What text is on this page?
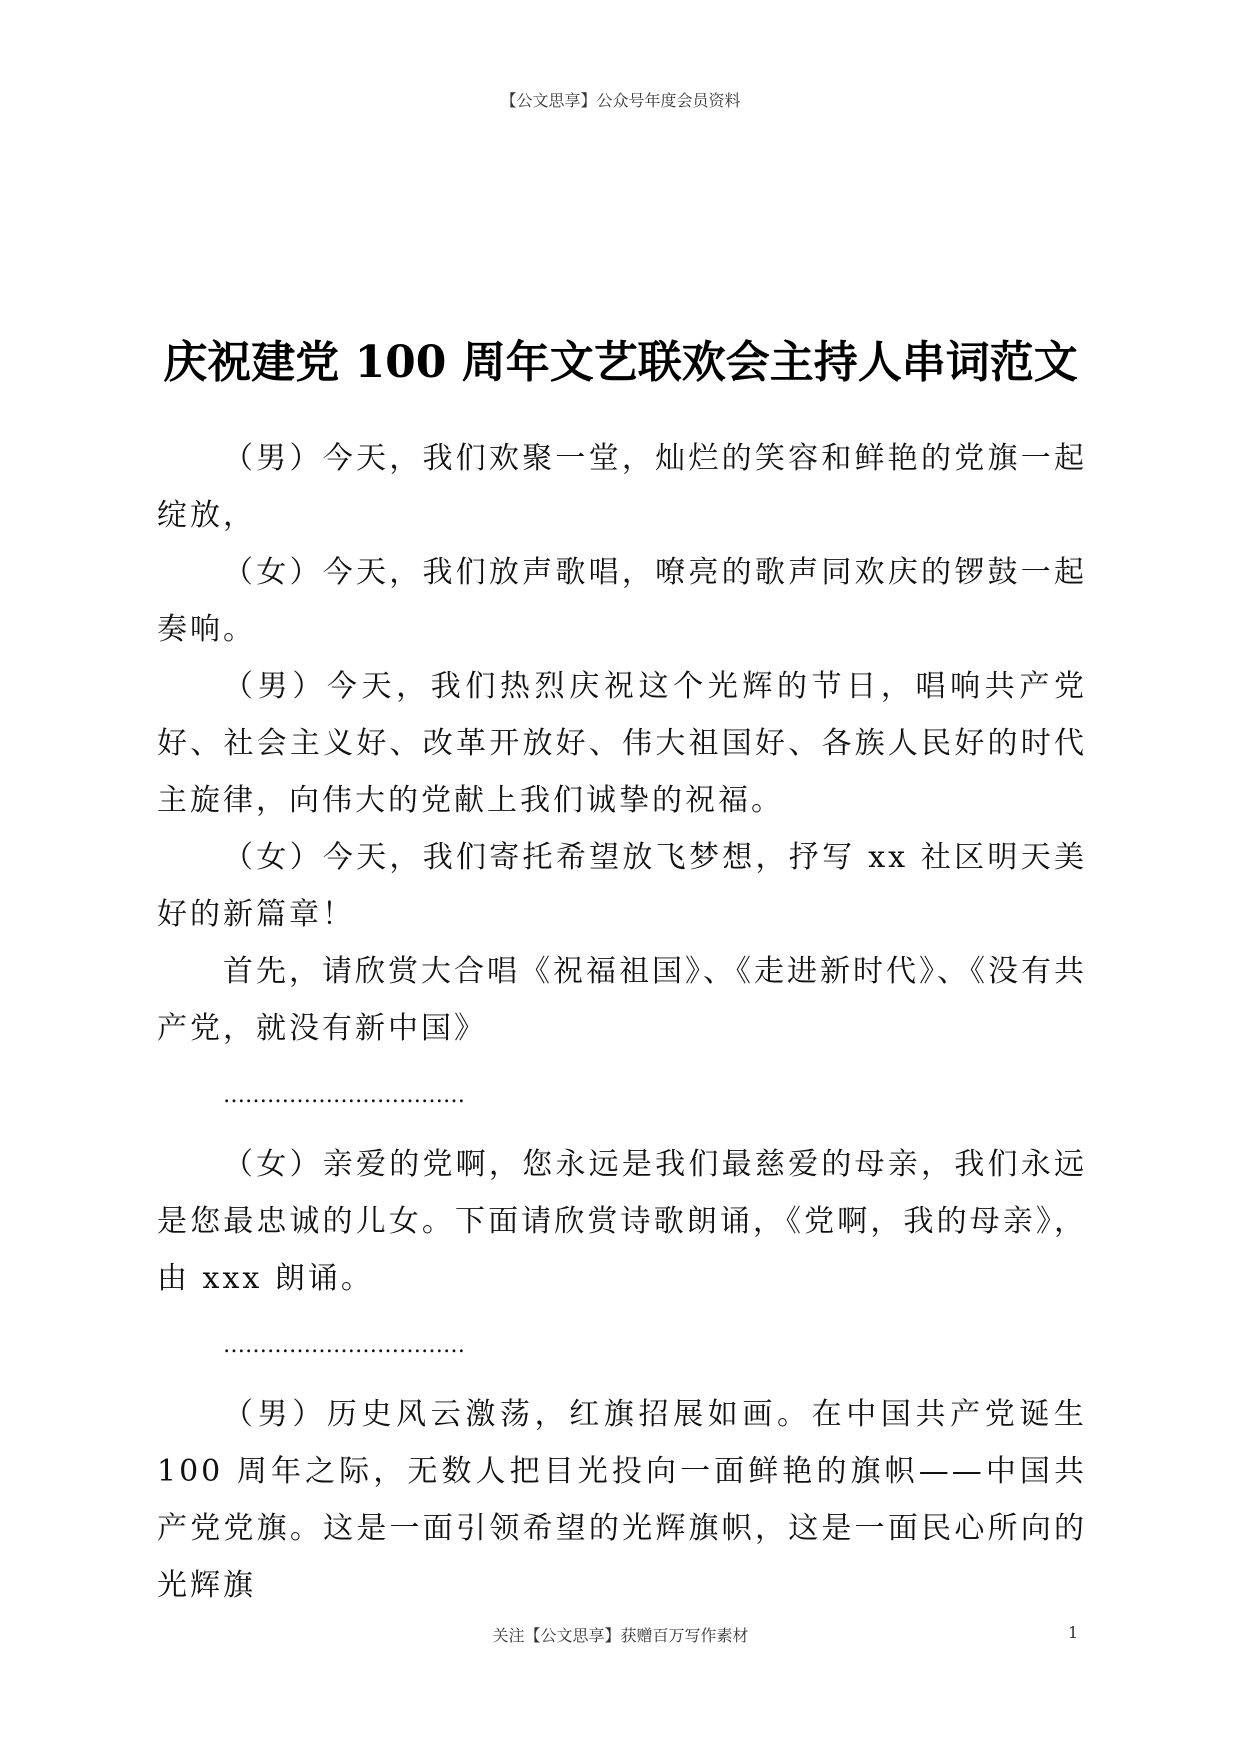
【公文思享】公众号年度会员资料
庆祝建党 100 周年文艺联欢会主持人串词范文

（男）今天，我们欢聚一堂，灿烂的笑容和鲜艳的党旗一起绽放，

（女）今天，我们放声歌唱，嘹亮的歌声同欢庆的锣鼓一起奏响。

（男）今天，我们热烈庆祝这个光辉的节日，唱响共产党好、社会主义好、改革开放好、伟大祖国好、各族人民好的时代主旋律，向伟大的党献上我们诚挚的祝福。

（女）今天，我们寄托希望放飞梦想，抒写 xx 社区明天美好的新篇章！

首先，请欣赏大合唱《祝福祖国》、《走进新时代》、《没有共产党，就没有新中国》

……………………………

（女）亲爱的党啊，您永远是我们最慈爱的母亲，我们永远是您最忠诚的儿女。下面请欣赏诗歌朗诵，《党啊，我的母亲》，由 xxx 朗诵。

……………………………

（男）历史风云激荡，红旗招展如画。在中国共产党诞生 100 周年之际，无数人把目光投向一面鲜艳的旗帜——中国共产党党旗。这是一面引领希望的光辉旗帜，这是一面民心所向的光辉旗

关注【公文思享】获赠百万写作素材	1
